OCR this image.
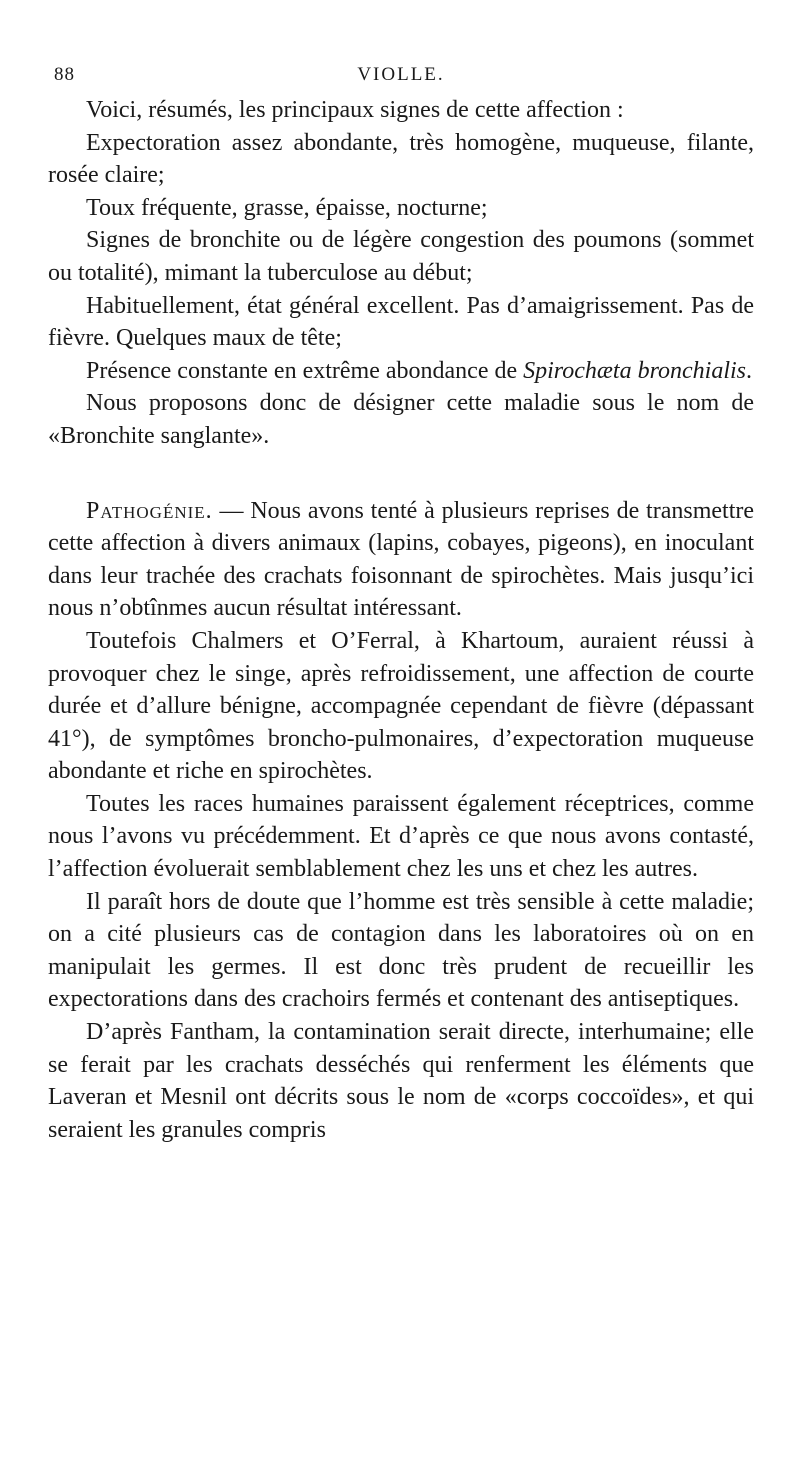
88	VIOLLE.

Voici, résumés, les principaux signes de cette affection :

Expectoration assez abondante, très homogène, muqueuse, filante, rosée claire;

Toux fréquente, grasse, épaisse, nocturne;

Signes de bronchite ou de légère congestion des poumons (sommet ou totalité), mimant la tuberculose au début;

Habituellement, état général excellent. Pas d’amaigrissement. Pas de fièvre. Quelques maux de tête;

Présence constante en extrême abondance de Spirochæta bronchialis.

Nous proposons donc de désigner cette maladie sous le nom de «Bronchite sanglante».

Pathogénie. — Nous avons tenté à plusieurs reprises de transmettre cette affection à divers animaux (lapins, cobayes, pigeons), en inoculant dans leur trachée des crachats foisonnant de spirochètes. Mais jusqu’ici nous n’obtînmes aucun résultat intéressant.

Toutefois Chalmers et O’Ferral, à Khartoum, auraient réussi à provoquer chez le singe, après refroidissement, une affection de courte durée et d’allure bénigne, accompagnée cependant de fièvre (dépassant 41°), de symptômes broncho-pulmonaires, d’expectoration muqueuse abondante et riche en spirochètes.

Toutes les races humaines paraissent également réceptrices, comme nous l’avons vu précédemment. Et d’après ce que nous avons contasté, l’affection évoluerait semblablement chez les uns et chez les autres.

Il paraît hors de doute que l’homme est très sensible à cette maladie; on a cité plusieurs cas de contagion dans les laboratoires où on en manipulait les germes. Il est donc très prudent de recueillir les expectorations dans des crachoirs fermés et contenant des antiseptiques.

D’après Fantham, la contamination serait directe, interhumaine; elle se ferait par les crachats desséchés qui renferment les éléments que Laveran et Mesnil ont décrits sous le nom de «corps coccoïdes», et qui seraient les granules compris
